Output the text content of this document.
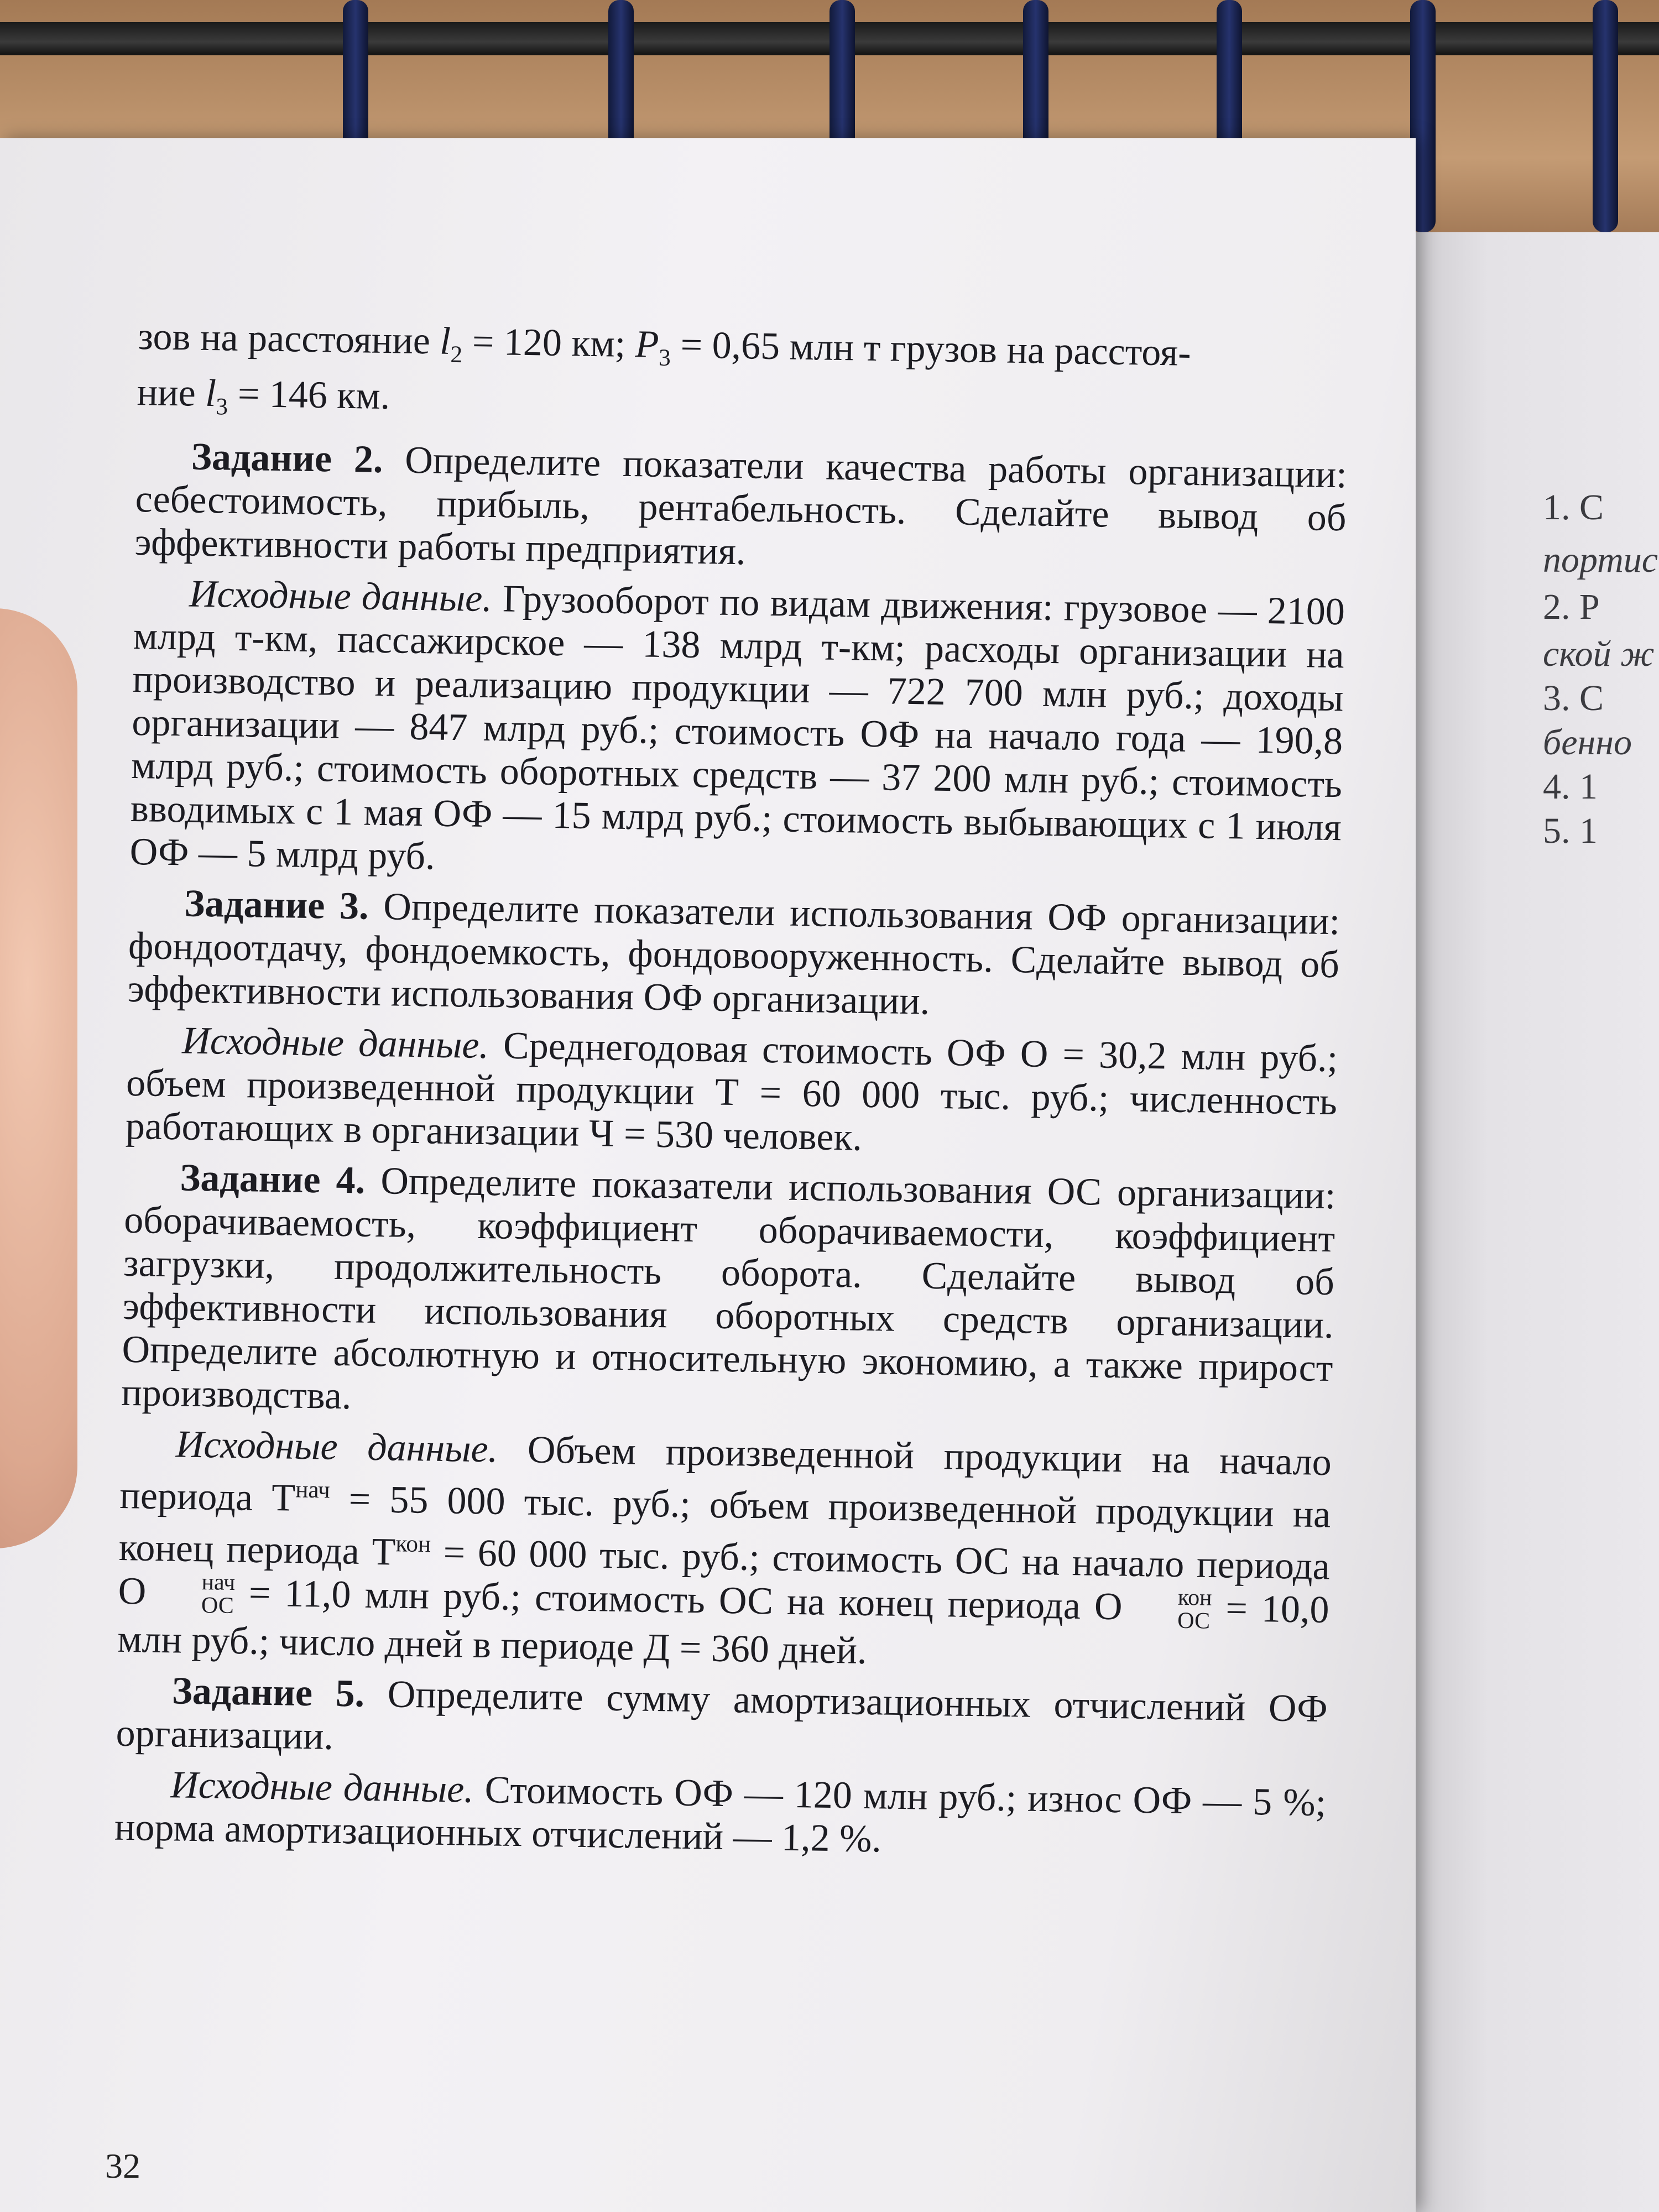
1. С
портис
2. Р
ской ж
3. С
бенно
4. 1
5. 1

зов на расстояние $l_2 = 120$ км; $P_3 = 0,65$ млн т грузов на расстоя-
ние $l_3 = 146$ км.

Задание 2. Определите показатели качества работы организации: себестоимость, прибыль, рентабельность. Сделайте вывод об эффективности работы предприятия.

Исходные данные. Грузооборот по видам движения: грузовое — 2100 млрд т-км, пассажирское — 138 млрд т-км; расходы организации на производство и реализацию продукции — 722 700 млн руб.; доходы организации — 847 млрд руб.; стоимость ОФ на начало года — 190,8 млрд руб.; стоимость оборотных средств — 37 200 млн руб.; стоимость вводимых с 1 мая ОФ — 15 млрд руб.; стоимость выбывающих с 1 июля ОФ — 5 млрд руб.

Задание 3. Определите показатели использования ОФ организации: фондоотдачу, фондоемкость, фондовооруженность. Сделайте вывод об эффективности использования ОФ организации.

Исходные данные. Среднегодовая стоимость ОФ О = 30,2 млн руб.; объем произведенной продукции Т = 60 000 тыс. руб.; численность работающих в организации Ч = 530 человек.

Задание 4. Определите показатели использования ОС организации: оборачиваемость, коэффициент оборачиваемости, коэффициент загрузки, продолжительность оборота. Сделайте вывод об эффективности использования оборотных средств организации. Определите абсолютную и относительную экономию, а также прирост производства.

Исходные данные. Объем произведенной продукции на начало периода $Т^{нач} = 55$ 000 тыс. руб.; объем произведенной продукции на конец периода $Т^{кон} = 60$ 000 тыс. руб.; стоимость ОС на начало периода О	нач
ОС = 11,0 млн руб.; стоимость ОС на конец периода О	кон
ОС = 10,0 млн руб.; число дней в периоде Д = 360 дней.

Задание 5. Определите сумму амортизационных отчислений ОФ организации.

Исходные данные. Стоимость ОФ — 120 млн руб.; износ ОФ — 5 %; норма амортизационных отчислений — 1,2 %.

32
